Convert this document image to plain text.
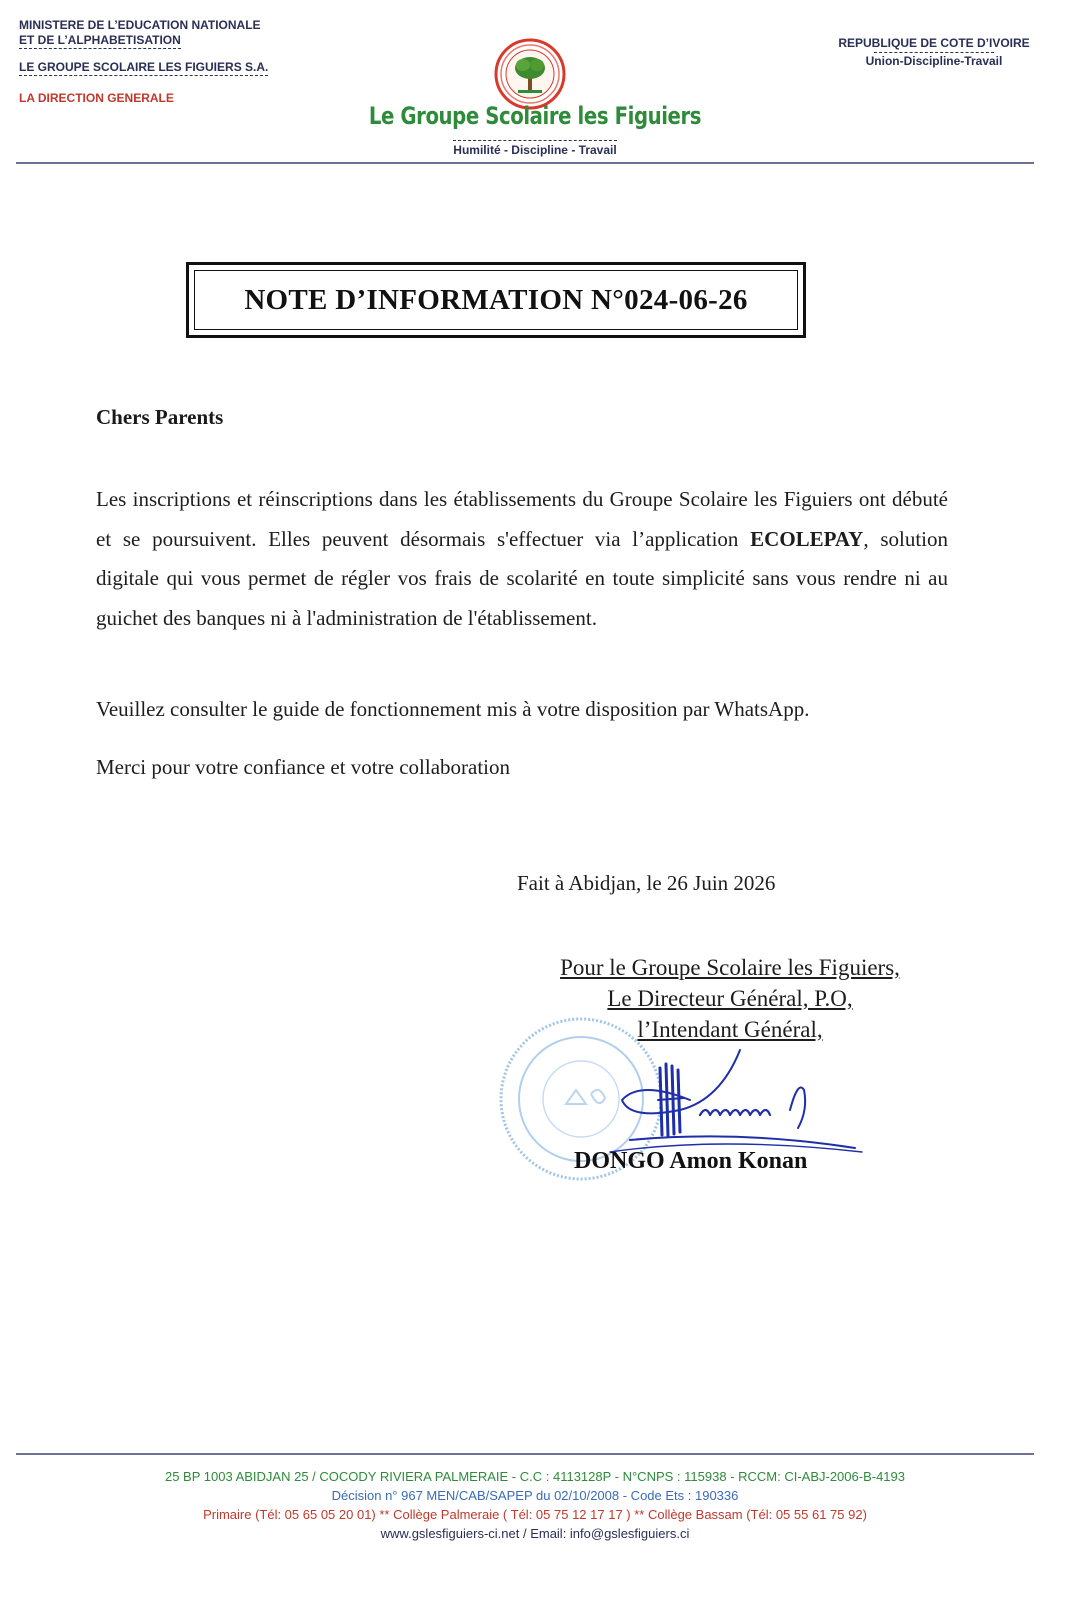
MINISTERE DE L’EDUCATION NATIONALE
ET DE L’ALPHABETISATION
LE GROUPE SCOLAIRE LES FIGUIERS S.A.
LA DIRECTION GENERALE
REPUBLIQUE DE COTE D’IVOIRE
Union-Discipline-Travail
Le Groupe Scolaire les Figuiers
Humilité - Discipline - Travail
NOTE D’INFORMATION N°024-06-26
Chers Parents
Les inscriptions et réinscriptions dans les établissements du Groupe Scolaire les Figuiers ont débuté et se poursuivent. Elles peuvent désormais s'effectuer via l’application ECOLEPAY, solution digitale qui vous permet de régler vos frais de scolarité en toute simplicité sans vous rendre ni au guichet des banques ni à l'administration de l'établissement.
Veuillez consulter le guide de fonctionnement mis à votre disposition par WhatsApp.
Merci pour votre confiance et votre collaboration
Fait à Abidjan, le 26 Juin 2026
Pour le Groupe Scolaire les Figuiers,
Le Directeur Général, P.O,
l’Intendant Général,
DONGO Amon Konan
25 BP 1003 ABIDJAN 25 / COCODY RIVIERA PALMERAIE - C.C : 4113128P - N°CNPS : 115938 - RCCM: CI-ABJ-2006-B-4193
Décision n° 967 MEN/CAB/SAPEP du 02/10/2008 - Code Ets : 190336
Primaire (Tél: 05 65 05 20 01) ** Collège Palmeraie ( Tél: 05 75 12 17 17 ) ** Collège Bassam (Tél: 05 55 61 75 92)
www.gslesfiguiers-ci.net / Email: info@gslesfiguiers.ci
